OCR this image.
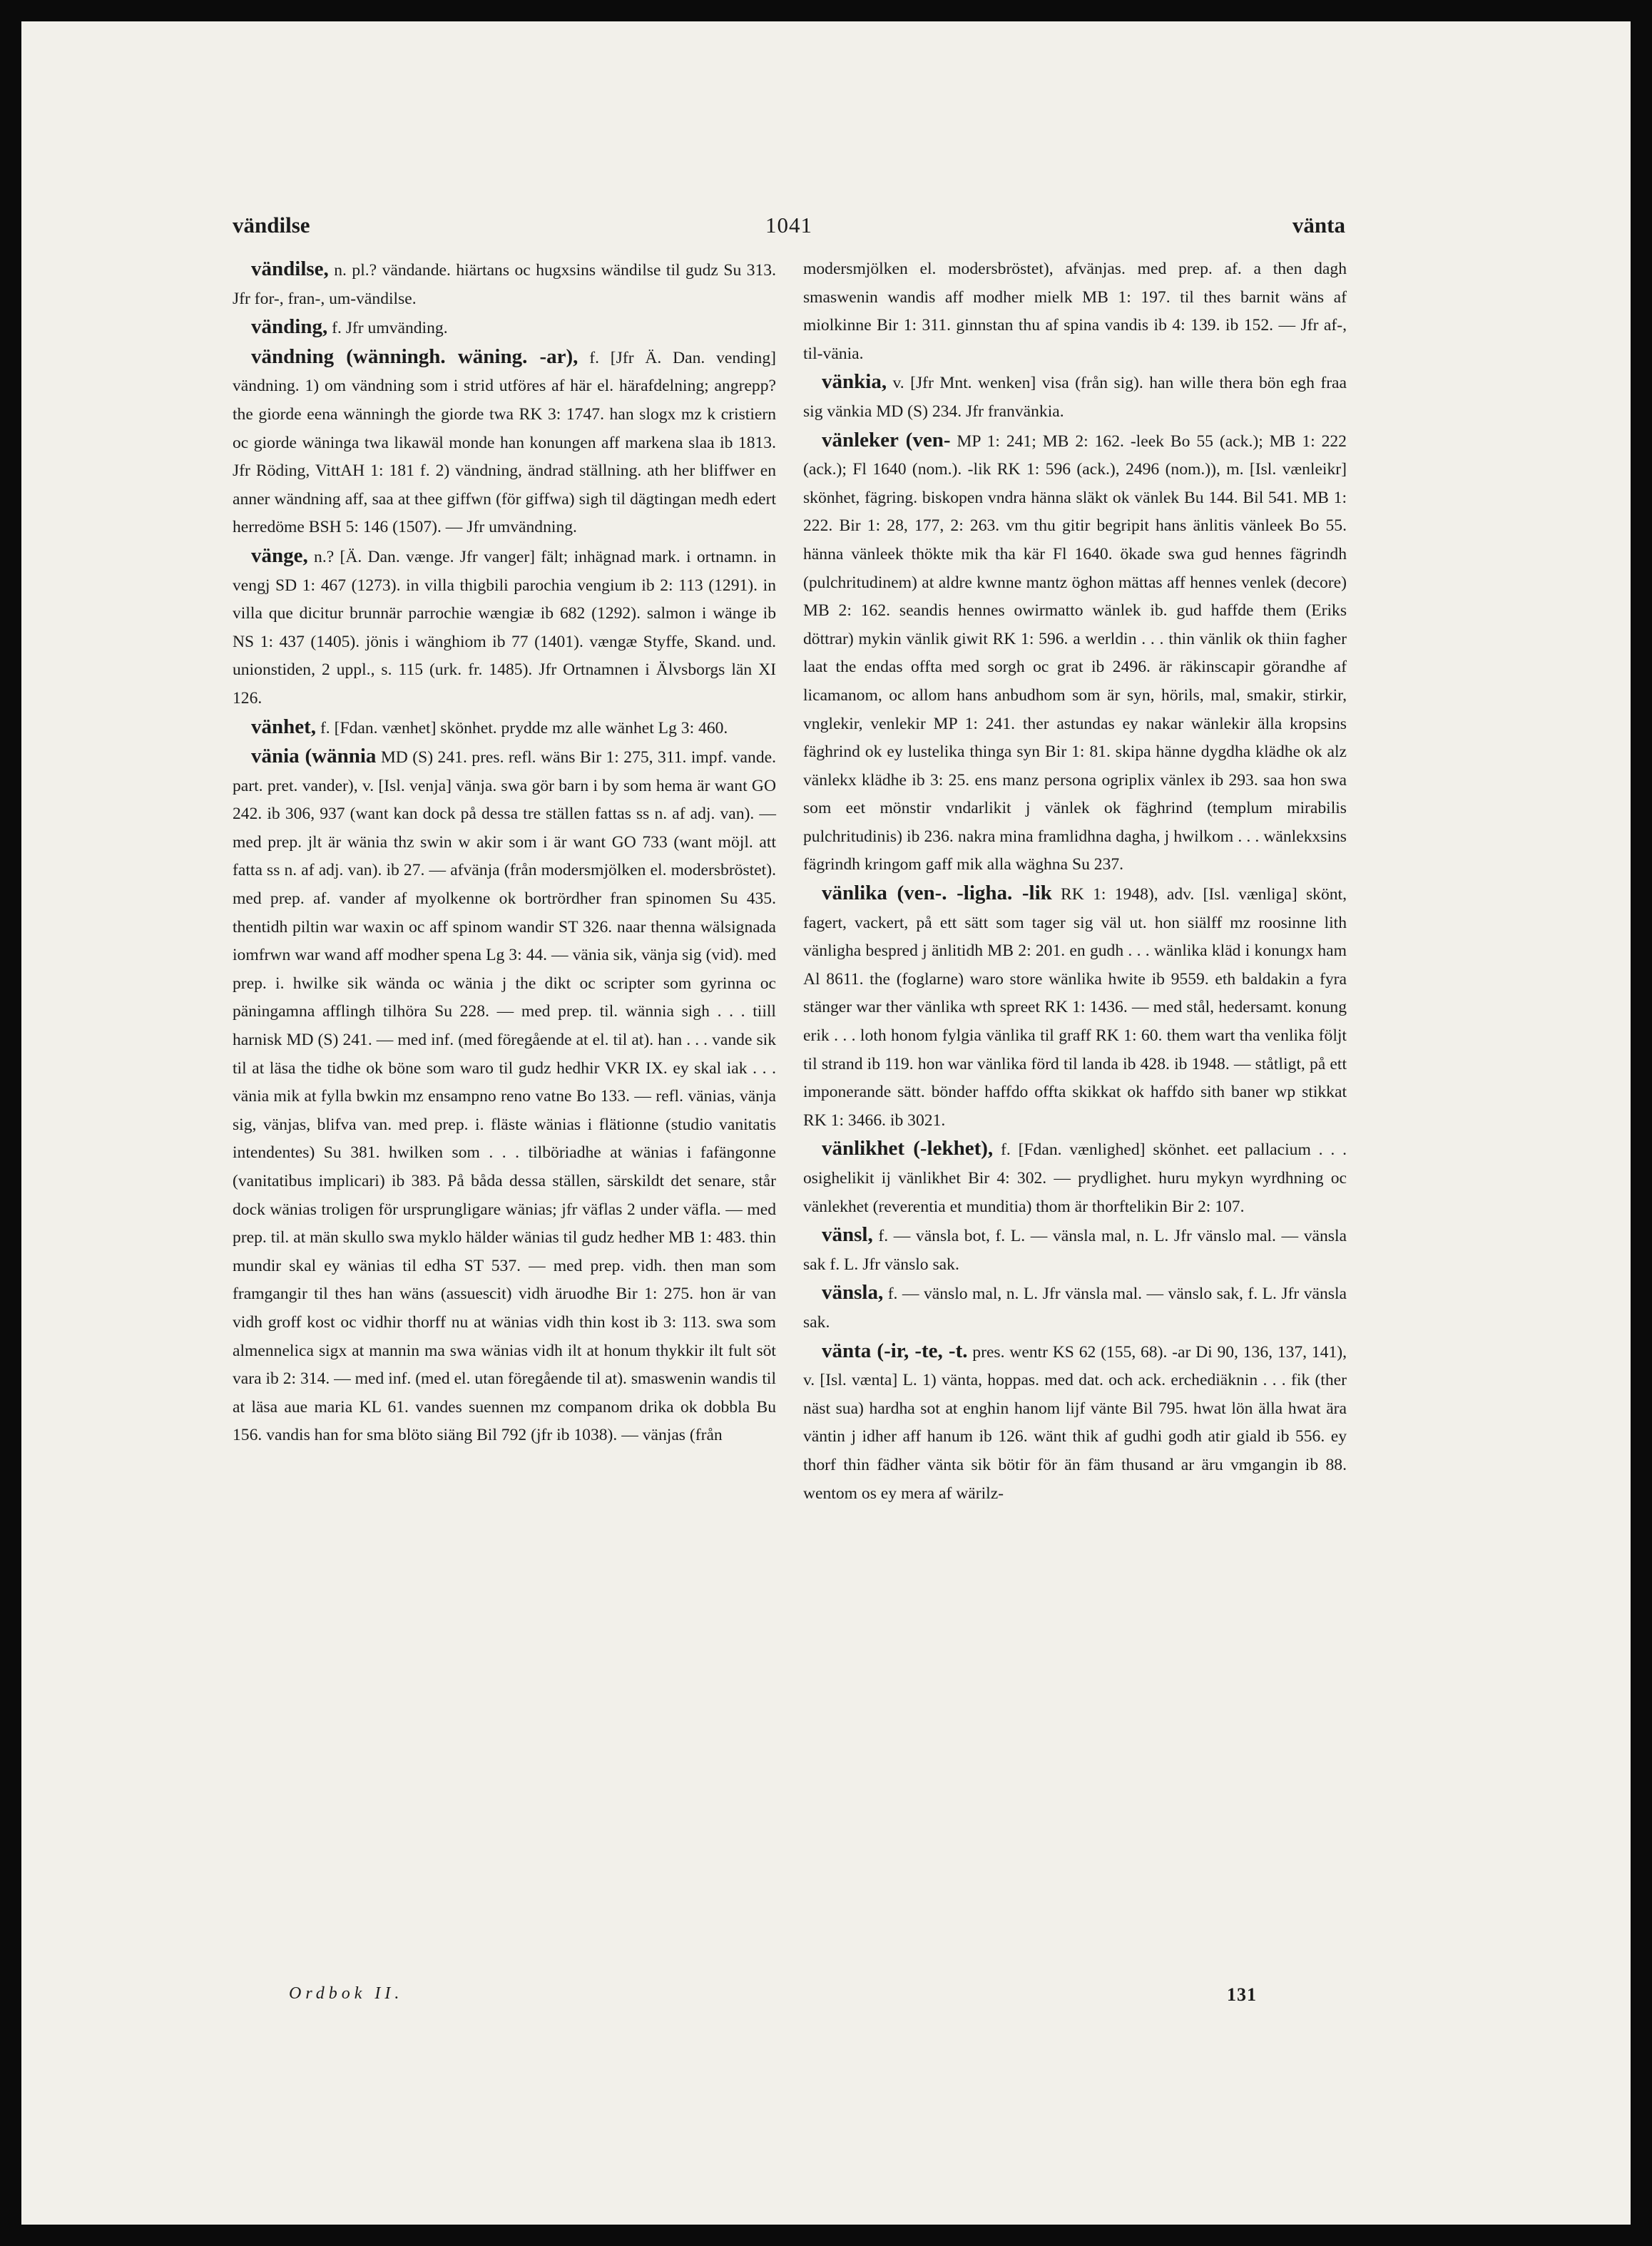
vändilse	1041	vänta

vändilse, n. pl.? vändande. hiärtans oc hugxsins wändilse til gudz Su 313. Jfr for-, fran-, um-vändilse.

vänding, f. Jfr umvänding.

vändning (wänningh. wäning. -ar), f. [Jfr Ä. Dan. vending] vändning. 1) om vändning som i strid utföres af här el. härafdelning; angrepp? the giorde eena wänningh the giorde twa RK 3: 1747. han slogx mz k cristiern oc giorde wäninga twa likawäl monde han konungen aff markena slaa ib 1813. Jfr Röding, VittAH 1: 181 f. 2) vändning, ändrad ställning. ath her bliffwer en anner wändning aff, saa at thee giffwn (för giffwa) sigh til dägtingan medh edert herredöme BSH 5: 146 (1507). — Jfr umvändning.

vänge, n.? [Ä. Dan. vænge. Jfr vanger] fält; inhägnad mark. i ortnamn. in vengj SD 1: 467 (1273). in villa thigbili parochia vengium ib 2: 113 (1291). in villa que dicitur brunnär parrochie wængiæ ib 682 (1292). salmon i wänge ib NS 1: 437 (1405). jönis i wänghiom ib 77 (1401). vængæ Styffe, Skand. und. unionstiden, 2 uppl., s. 115 (urk. fr. 1485). Jfr Ortnamnen i Älvsborgs län XI 126.

vänhet, f. [Fdan. vænhet] skönhet. prydde mz alle wänhet Lg 3: 460.

vänia (wännia MD (S) 241. pres. refl. wäns Bir 1: 275, 311. impf. vande. part. pret. vander), v. [Isl. venja] vänja. swa gör barn i by som hema är want GO 242. ib 306, 937 (want kan dock på dessa tre ställen fattas ss n. af adj. van). — med prep. jlt är wänia thz swin w akir som i är want GO 733 (want möjl. att fatta ss n. af adj. van). ib 27. — afvänja (från modersmjölken el. modersbröstet). med prep. af. vander af myolkenne ok bortrördher fran spinomen Su 435. thentidh piltin war waxin oc aff spinom wandir ST 326. naar thenna wälsignada iomfrwn war wand aff modher spena Lg 3: 44. — vänia sik, vänja sig (vid). med prep. i. hwilke sik wända oc wänia j the dikt oc scripter som gyrinna oc päningamna afflingh tilhöra Su 228. — med prep. til. wännia sigh . . . tiill harnisk MD (S) 241. — med inf. (med föregående at el. til at). han . . . vande sik til at läsa the tidhe ok böne som waro til gudz hedhir VKR IX. ey skal iak . . . vänia mik at fylla bwkin mz ensampno reno vatne Bo 133. — refl. vänias, vänja sig, vänjas, blifva van. med prep. i. fläste wänias i flätionne (studio vanitatis intendentes) Su 381. hwilken som . . . tilböriadhe at wänias i fafängonne (vanitatibus implicari) ib 383. På båda dessa ställen, särskildt det senare, står dock wänias troligen för ursprungligare wänias; jfr väflas 2 under väfla. — med prep. til. at män skullo swa myklo hälder wänias til gudz hedher MB 1: 483. thin mundir skal ey wänias til edha ST 537. — med prep. vidh. then man som framgangir til thes han wäns (assuescit) vidh äruodhe Bir 1: 275. hon är van vidh groff kost oc vidhir thorff nu at wänias vidh thin kost ib 3: 113. swa som almennelica sigx at mannin ma swa wänias vidh ilt at honum thykkir ilt fult söt vara ib 2: 314. — med inf. (med el. utan föregående til at). smaswenin wandis til at läsa aue maria KL 61. vandes suennen mz companom drika ok dobbla Bu 156. vandis han for sma blöto siäng Bil 792 (jfr ib 1038). — vänjas (från

modersmjölken el. modersbröstet), afvänjas. med prep. af. a then dagh smaswenin wandis aff modher mielk MB 1: 197. til thes barnit wäns af miolkinne Bir 1: 311. ginnstan thu af spina vandis ib 4: 139. ib 152. — Jfr af-, til-vänia.

vänkia, v. [Jfr Mnt. wenken] visa (från sig). han wille thera bön egh fraa sig vänkia MD (S) 234. Jfr franvänkia.

vänleker (ven- MP 1: 241; MB 2: 162. -leek Bo 55 (ack.); MB 1: 222 (ack.); Fl 1640 (nom.). -lik RK 1: 596 (ack.), 2496 (nom.)), m. [Isl. vænleikr] skönhet, fägring. biskopen vndra hänna släkt ok vänlek Bu 144. Bil 541. MB 1: 222. Bir 1: 28, 177, 2: 263. vm thu gitir begripit hans änlitis vänleek Bo 55. hänna vänleek thökte mik tha kär Fl 1640. ökade swa gud hennes fägrindh (pulchritudinem) at aldre kwnne mantz öghon mättas aff hennes venlek (decore) MB 2: 162. seandis hennes owirmatto wänlek ib. gud haffde them (Eriks döttrar) mykin vänlik giwit RK 1: 596. a werldin . . . thin vänlik ok thiin fagher laat the endas offta med sorgh oc grat ib 2496. är räkinscapir görandhe af licamanom, oc allom hans anbudhom som är syn, hörils, mal, smakir, stirkir, vnglekir, venlekir MP 1: 241. ther astundas ey nakar wänlekir älla kropsins fäghrind ok ey lustelika thinga syn Bir 1: 81. skipa hänne dygdha klädhe ok alz vänlekx klädhe ib 3: 25. ens manz persona ogriplix vänlex ib 293. saa hon swa som eet mönstir vndarlikit j vänlek ok fäghrind (templum mirabilis pulchritudinis) ib 236. nakra mina framlidhna dagha, j hwilkom . . . wänlekxsins fägrindh kringom gaff mik alla wäghna Su 237.

vänlika (ven-. -ligha. -lik RK 1: 1948), adv. [Isl. vænliga] skönt, fagert, vackert, på ett sätt som tager sig väl ut. hon siälff mz roosinne lith vänligha bespred j änlitidh MB 2: 201. en gudh . . . wänlika kläd i konungx ham Al 8611. the (foglarne) waro store wänlika hwite ib 9559. eth baldakin a fyra stänger war ther vänlika wth spreet RK 1: 1436. — med stål, hedersamt. konung erik . . . loth honom fylgia vänlika til graff RK 1: 60. them wart tha venlika följt til strand ib 119. hon war vänlika förd til landa ib 428. ib 1948. — ståtligt, på ett imponerande sätt. bönder haffdo offta skikkat ok haffdo sith baner wp stikkat RK 1: 3466. ib 3021.

vänlikhet (-lekhet), f. [Fdan. vænlighed] skönhet. eet pallacium . . . osighelikit ij vänlikhet Bir 4: 302. — prydlighet. huru mykyn wyrdhning oc vänlekhet (reverentia et munditia) thom är thorftelikin Bir 2: 107.

vänsl, f. — vänsla bot, f. L. — vänsla mal, n. L. Jfr vänslo mal. — vänsla sak f. L. Jfr vänslo sak.

vänsla, f. — vänslo mal, n. L. Jfr vänsla mal. — vänslo sak, f. L. Jfr vänsla sak.

vänta (-ir, -te, -t. pres. wentr KS 62 (155, 68). -ar Di 90, 136, 137, 141), v. [Isl. vænta] L. 1) vänta, hoppas. med dat. och ack. erchediäknin . . . fik (ther näst sua) hardha sot at enghin hanom lijf vänte Bil 795. hwat lön älla hwat ära väntin j idher aff hanum ib 126. wänt thik af gudhi godh atir giald ib 556. ey thorf thin fädher vänta sik bötir för än fäm thusand ar äru vmgangin ib 88. wentom os ey mera af wärilz-

Ordbok II.	131
